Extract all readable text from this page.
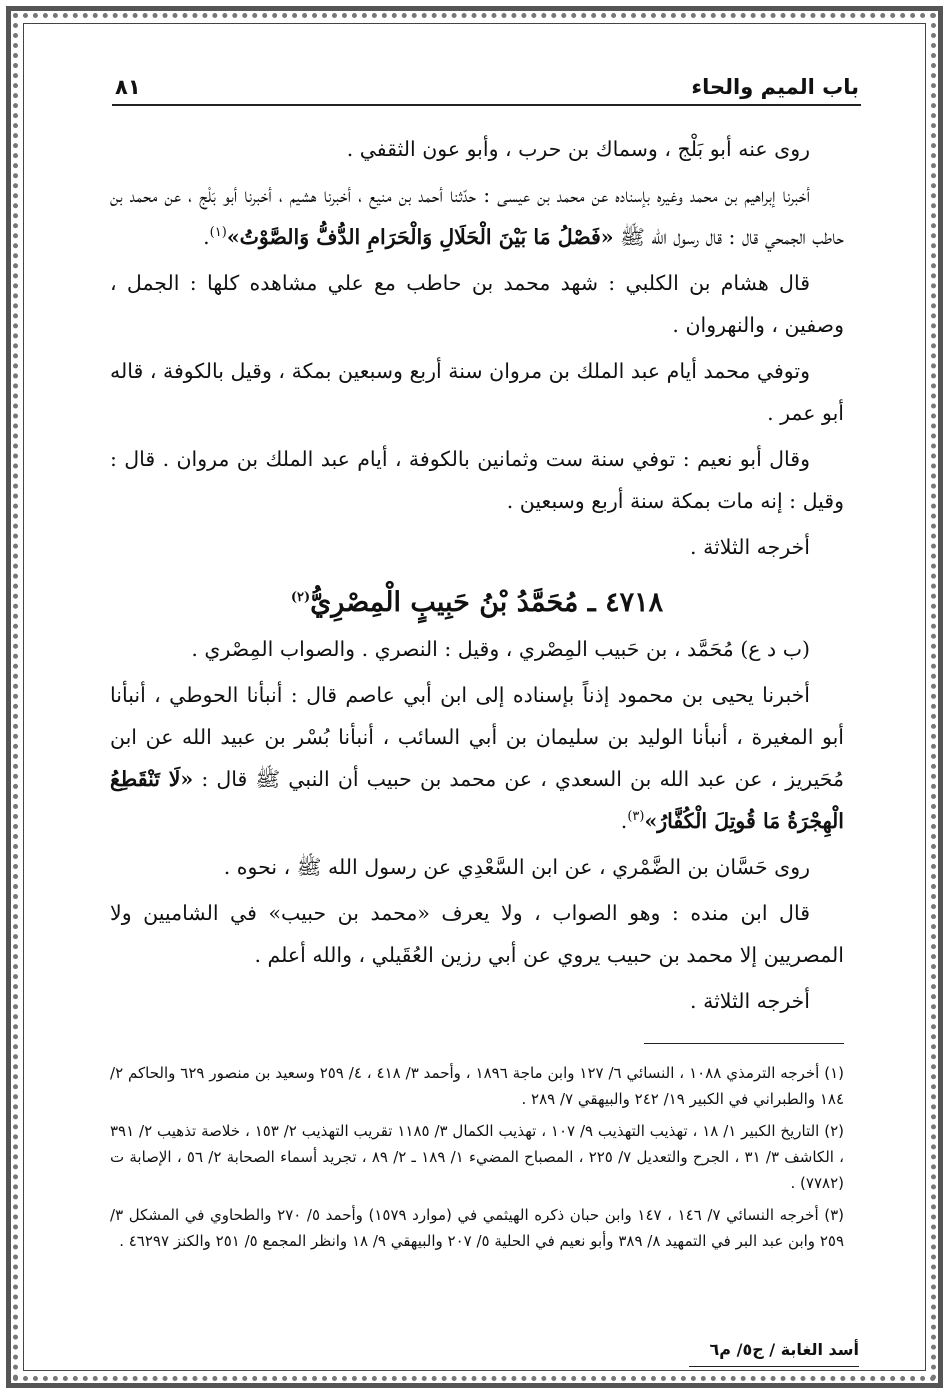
باب الميم والحاء
٨١

روى عنه أبو بَلْج ، وسماك بن حرب ، وأبو عون الثقفي .

أخبرنا إبراهيم بن محمد وغيره بإسناده عن محمد بن عيسى : حدّثنا أحمد بن منيع ، أخبرنا هشيم ، أخبرنا أبو بَلْج ، عن محمد بن حاطب الجمحي قال : قال رسول الله ﷺ «فَصْلُ مَا بَيْنَ الْحَلَالِ وَالْحَرَامِ الدُّفُّ وَالصَّوْتُ»$^{(١)}$.

قال هشام بن الكلبي : شهد محمد بن حاطب مع علي مشاهده كلها : الجمل ، وصفين ، والنهروان .

وتوفي محمد أيام عبد الملك بن مروان سنة أربع وسبعين بمكة ، وقيل بالكوفة ، قاله أبو عمر .

وقال أبو نعيم : توفي سنة ست وثمانين بالكوفة ، أيام عبد الملك بن مروان . قال : وقيل : إنه مات بمكة سنة أربع وسبعين .

أخرجه الثلاثة .

٤٧١٨ ـ مُحَمَّدُ بْنُ حَبِيبٍ الْمِصْرِيُّ$^{(٢)}$

(ب د ع) مُحَمَّد ، بن حَبيب المِصْري ، وقيل : النصري . والصواب المِصْري .

أخبرنا يحيى بن محمود إذناً بإسناده إلى ابن أبي عاصم قال : أنبأنا الحوطي ، أنبأنا أبو المغيرة ، أنبأنا الوليد بن سليمان بن أبي السائب ، أنبأنا بُسْر بن عبيد الله عن ابن مُحَيريز ، عن عبد الله بن السعدي ، عن محمد بن حبيب أن النبي ﷺ قال : «لَا تَنْقَطِعُ الْهِجْرَةُ مَا قُوتِلَ الْكُفَّارُ»$^{(٣)}$.

روى حَسَّان بن الضَّمْري ، عن ابن السَّعْدِي عن رسول الله ﷺ ، نحوه .

قال ابن منده : وهو الصواب ، ولا يعرف «محمد بن حبيب» في الشاميين ولا المصريين إلا محمد بن حبيب يروي عن أبي رزين العُقَيلي ، والله أعلم .

أخرجه الثلاثة .

(١) أخرجه الترمذي ١٠٨٨ ، النسائي ٦/ ١٢٧ وابن ماجة ١٨٩٦ ، وأحمد ٣/ ٤١٨ ، ٤/ ٢٥٩ وسعيد بن منصور ٦٢٩ والحاكم ٢/ ١٨٤ والطبراني في الكبير ١٩/ ٢٤٢ والبيهقي ٧/ ٢٨٩ .

(٢) التاريخ الكبير ١/ ١٨ ، تهذيب التهذيب ٩/ ١٠٧ ، تهذيب الكمال ٣/ ١١٨٥ تقريب التهذيب ٢/ ١٥٣ ، خلاصة تذهيب ٢/ ٣٩١ ، الكاشف ٣/ ٣١ ، الجرح والتعديل ٧/ ٢٢٥ ، المصباح المضيء ١/ ١٨٩ ـ ٢/ ٨٩ ، تجريد أسماء الصحابة ٢/ ٥٦ ، الإصابة ت (٧٧٨٢) .

(٣) أخرجه النسائي ٧/ ١٤٦ ، ١٤٧ وابن حبان ذكره الهيثمي في (موارد ١٥٧٩) وأحمد ٥/ ٢٧٠ والطحاوي في المشكل ٣/ ٢٥٩ وابن عبد البر في التمهيد ٨/ ٣٨٩ وأبو نعيم في الحلية ٥/ ٢٠٧ والبيهقي ٩/ ١٨ وانظر المجمع ٥/ ٢٥١ والكنز ٤٦٢٩٧ .

أسد الغابة / ج٥/ م٦
